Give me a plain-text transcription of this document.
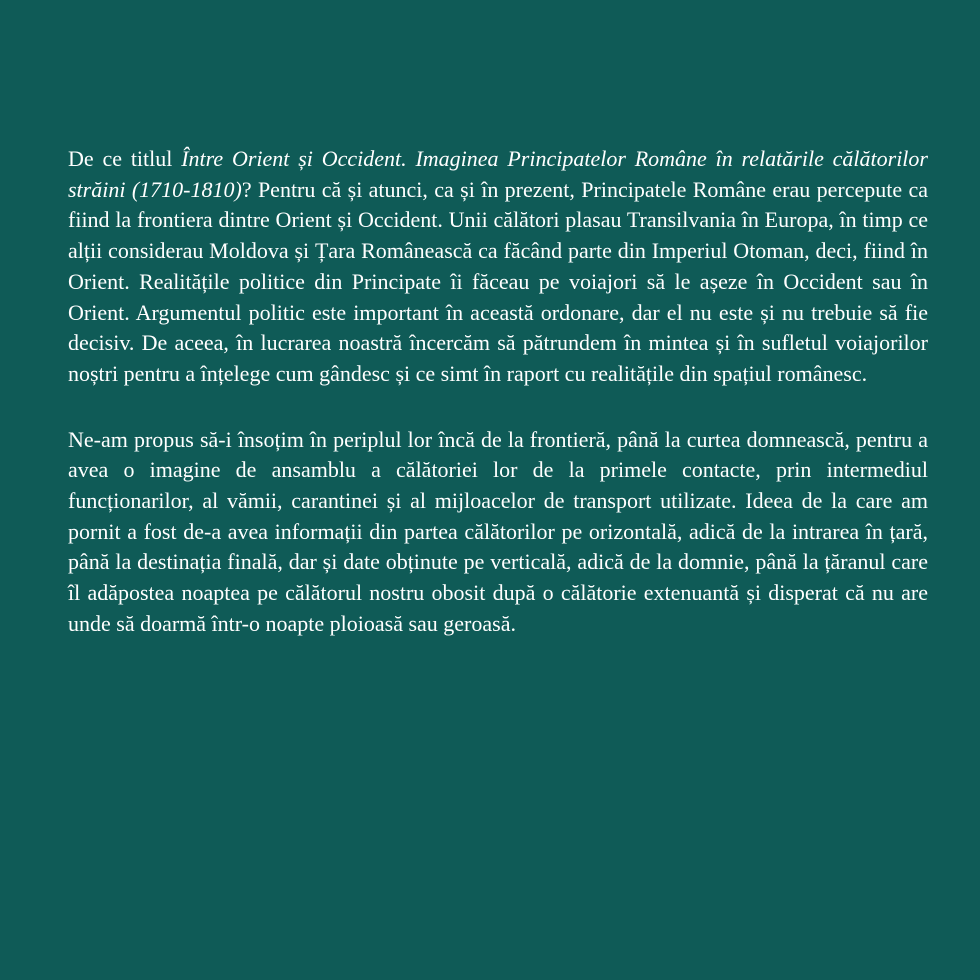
De ce titlul Între Orient și Occident. Imaginea Principatelor Române în relatările călătorilor străini (1710-1810)? Pentru că și atunci, ca și în prezent, Principatele Române erau percepute ca fiind la frontiera dintre Orient și Occident. Unii călători plasau Transilvania în Europa, în timp ce alții considerau Moldova și Țara Românească ca făcând parte din Imperiul Otoman, deci, fiind în Orient. Realitățile politice din Principate îi făceau pe voiajori să le așeze în Occident sau în Orient. Argumentul politic este important în această ordonare, dar el nu este și nu trebuie să fie decisiv. De aceea, în lucrarea noastră încercăm să pătrundem în mintea și în sufletul voiajorilor noștri pentru a înțelege cum gândesc și ce simt în raport cu realitățile din spațiul românesc.

Ne-am propus să-i însoțim în periplul lor încă de la frontieră, până la curtea domnească, pentru a avea o imagine de ansamblu a călătoriei lor de la primele contacte, prin intermediul funcționarilor, al vămii, carantinei și al mijloacelor de transport utilizate. Ideea de la care am pornit a fost de-a avea informații din partea călătorilor pe orizontală, adică de la intrarea în țară, până la destinația finală, dar și date obținute pe verticală, adică de la domnie, până la țăranul care îl adăpostea noaptea pe călătorul nostru obosit după o călătorie extenuantă și disperat că nu are unde să doarmă într-o noapte ploioasă sau geroasă.
